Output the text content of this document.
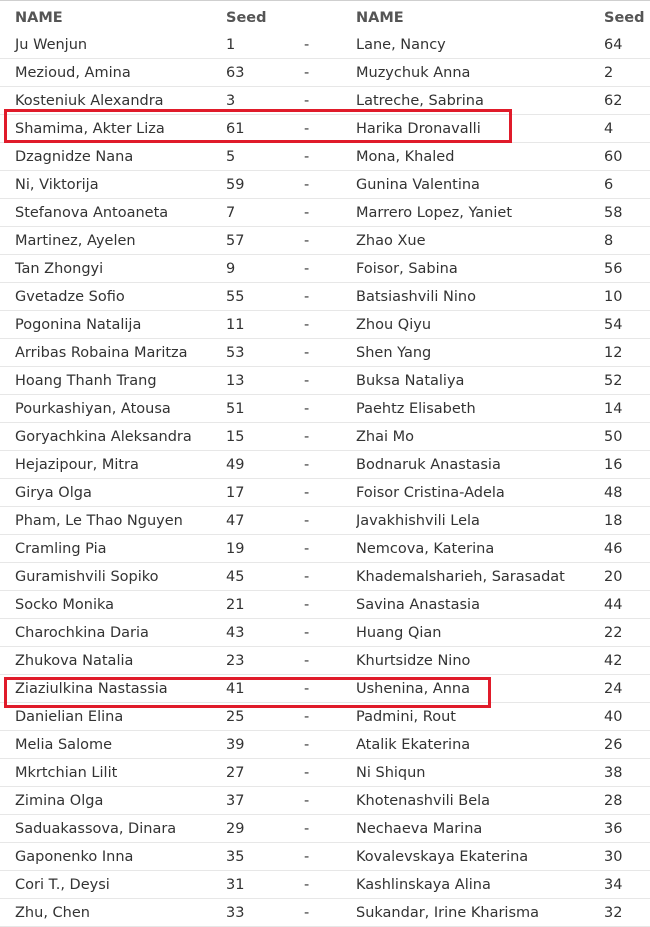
NAME	Seed		NAME	Seed
Ju Wenjun	1	-	Lane, Nancy	64
Mezioud, Amina	63	-	Muzychuk Anna	2
Kosteniuk Alexandra	3	-	Latreche, Sabrina	62
Shamima, Akter Liza	61	-	Harika Dronavalli	4
Dzagnidze Nana	5	-	Mona, Khaled	60
Ni, Viktorija	59	-	Gunina Valentina	6
Stefanova Antoaneta	7	-	Marrero Lopez, Yaniet	58
Martinez, Ayelen	57	-	Zhao Xue	8
Tan Zhongyi	9	-	Foisor, Sabina	56
Gvetadze Sofio	55	-	Batsiashvili Nino	10
Pogonina Natalija	11	-	Zhou Qiyu	54
Arribas Robaina Maritza	53	-	Shen Yang	12
Hoang Thanh Trang	13	-	Buksa Nataliya	52
Pourkashiyan, Atousa	51	-	Paehtz Elisabeth	14
Goryachkina Aleksandra	15	-	Zhai Mo	50
Hejazipour, Mitra	49	-	Bodnaruk Anastasia	16
Girya Olga	17	-	Foisor Cristina-Adela	48
Pham, Le Thao Nguyen	47	-	Javakhishvili Lela	18
Cramling Pia	19	-	Nemcova, Katerina	46
Guramishvili Sopiko	45	-	Khademalsharieh, Sarasadat	20
Socko Monika	21	-	Savina Anastasia	44
Charochkina Daria	43	-	Huang Qian	22
Zhukova Natalia	23	-	Khurtsidze Nino	42
Ziaziulkina Nastassia	41	-	Ushenina, Anna	24
Danielian Elina	25	-	Padmini, Rout	40
Melia Salome	39	-	Atalik Ekaterina	26
Mkrtchian Lilit	27	-	Ni Shiqun	38
Zimina Olga	37	-	Khotenashvili Bela	28
Saduakassova, Dinara	29	-	Nechaeva Marina	36
Gaponenko Inna	35	-	Kovalevskaya Ekaterina	30
Cori T., Deysi	31	-	Kashlinskaya Alina	34
Zhu, Chen	33	-	Sukandar, Irine Kharisma	32
